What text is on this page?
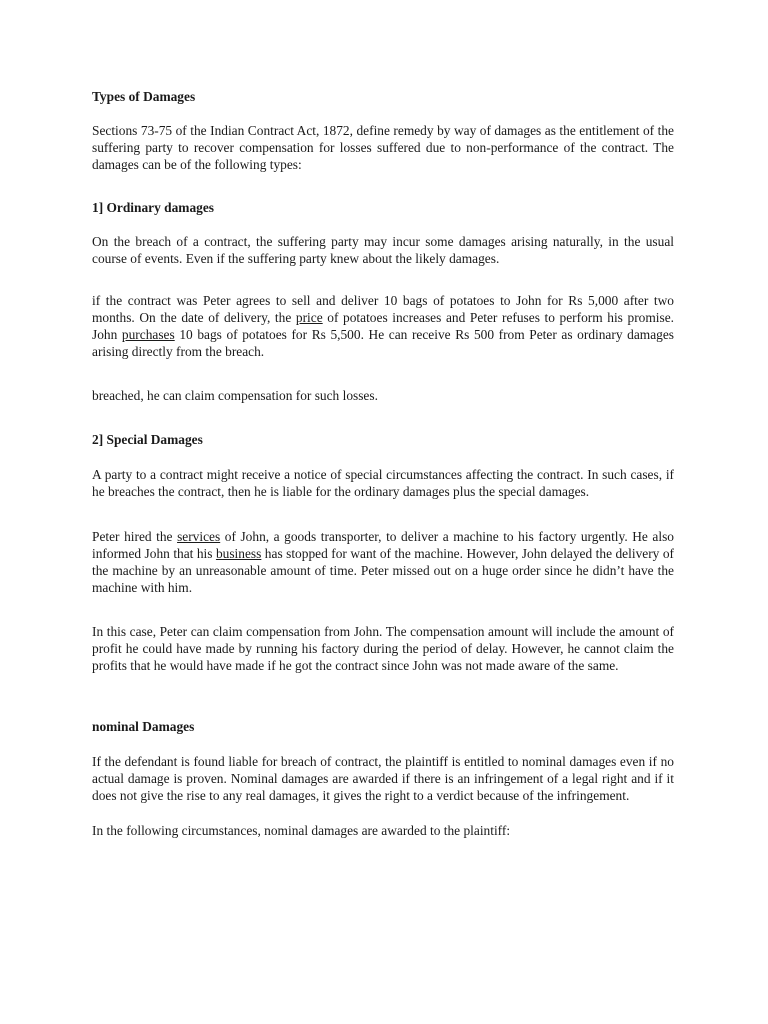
Types of Damages

Sections 73-75 of the Indian Contract Act, 1872, define remedy by way of damages as the entitlement of the suffering party to recover compensation for losses suffered due to non-performance of the contract. The damages can be of the following types:

1] Ordinary damages

On the breach of a contract, the suffering party may incur some damages arising naturally, in the usual course of events. Even if the suffering party knew about the likely damages.

if the contract was Peter agrees to sell and deliver 10 bags of potatoes to John for Rs 5,000 after two months. On the date of delivery, the price of potatoes increases and Peter refuses to perform his promise. John purchases 10 bags of potatoes for Rs 5,500. He can receive Rs 500 from Peter as ordinary damages arising directly from the breach.

breached, he can claim compensation for such losses.

2] Special Damages

A party to a contract might receive a notice of special circumstances affecting the contract. In such cases, if he breaches the contract, then he is liable for the ordinary damages plus the special damages.

Peter hired the services of John, a goods transporter, to deliver a machine to his factory urgently. He also informed John that his business has stopped for want of the machine. However, John delayed the delivery of the machine by an unreasonable amount of time. Peter missed out on a huge order since he didn’t have the machine with him.

In this case, Peter can claim compensation from John. The compensation amount will include the amount of profit he could have made by running his factory during the period of delay. However, he cannot claim the profits that he would have made if he got the contract since John was not made aware of the same.

nominal Damages

If the defendant is found liable for breach of contract, the plaintiff is entitled to nominal damages even if no actual damage is proven. Nominal damages are awarded if there is an infringement of a legal right and if it does not give the rise to any real damages, it gives the right to a verdict because of the infringement.

In the following circumstances, nominal damages are awarded to the plaintiff:
